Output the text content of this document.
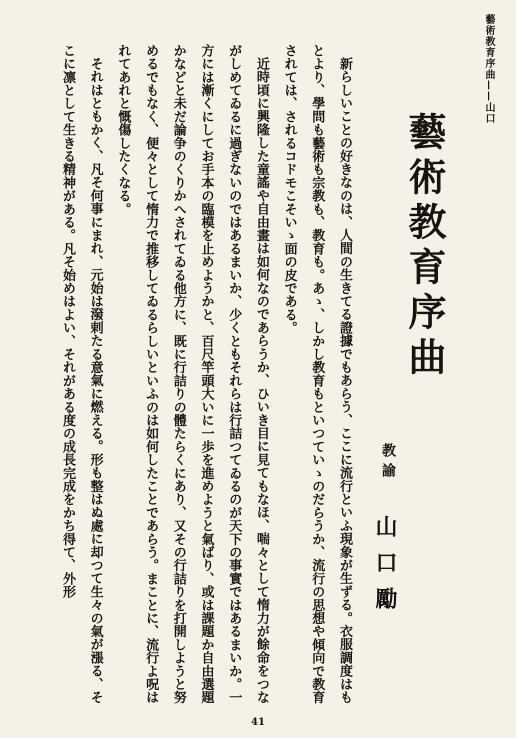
藝術教育序曲——山口
藝術教育序曲
教諭
山口勵

新らしいことの好きなのは、人間の生きてる證據でもあらう、ここに流行といふ現象が生ずる。衣服調度はもとより、學問も藝術も宗教も、教育も。あゝ、しかし教育もといつていゝのだらうか、流行の思想や傾向で教育されては、されるコドモこそいゝ面の皮である。

近時頃に興隆した童謠や自由畫は如何なのであらうか、ひいき目に見てもなほ、喘々として惰力が餘命をつながしめてゐるに過ぎないのではあるまいか、少くともそれらは行詰つてゐるのが天下の事實ではあるまいか。一方には漸くにしてお手本の臨模を止めようかと、百尺竿頭大いに一歩を進めようと氣ばり、或は課題か自由選題かなどと未だ論争のくりかへされてゐる他方に、既に行詰りの體たらくにあり、又その行詰りを打開しようと努めるでもなく、便々として惰力で推移してゐるらしいといふのは如何したことであらう。まことに、流行よ呪はれてあれと慨傷したくなる。

それはともかく、凡そ何事にまれ、元始は潑剌たる意氣に燃える。形も整はぬ處に却つて生々の氣が漲る、そこに凛として生きる精神がある。凡そ始めはよい、それがある度の成長完成をかち得て、外形

41
